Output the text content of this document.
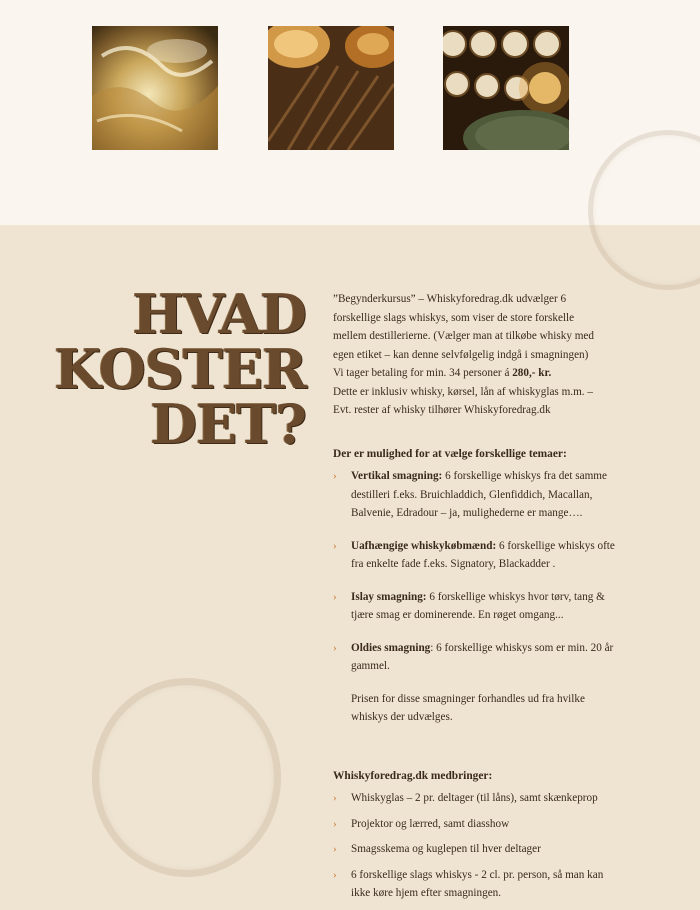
HVAD
KOSTER
DET?

”Begynderkursus” – Whiskyforedrag.dk udvælger 6

forskellige slags whiskys, som viser de store forskelle

mellem destillerierne. (Vælger man at tilkøbe whisky med

egen etiket – kan denne selvfølgelig indgå i smagningen)

Vi tager betaling for min. 34 personer á 280,- kr.

Dette er inklusiv whisky, kørsel, lån af whiskyglas m.m. –

Evt. rester af whisky tilhører Whiskyforedrag.dk

Der er mulighed for at vælge forskellige temaer:

› Vertikal smagning: 6 forskellige whiskys fra det samme destilleri f.eks. Bruichladdich, Glenfiddich, Macallan, Balvenie, Edradour – ja, mulighederne er mange….
› Uafhængige whiskykøbmænd: 6 forskellige whiskys ofte fra enkelte fade f.eks. Signatory, Blackadder .
› Islay smagning: 6 forskellige whiskys hvor tørv, tang & tjære smag er dominerende. En røget omgang...
› Oldies smagning: 6 forskellige whiskys som er min. 20 år gammel.

Prisen for disse smagninger forhandles ud fra hvilke whiskys der udvælges.

Whiskyforedrag.dk medbringer:

› Whiskyglas – 2 pr. deltager (til låns), samt skænkeprop
› Projektor og lærred, samt diasshow
› Smagsskema og kuglepen til hver deltager
› 6 forskellige slags whiskys - 2 cl. pr. person, så man kan ikke køre hjem efter smagningen.
